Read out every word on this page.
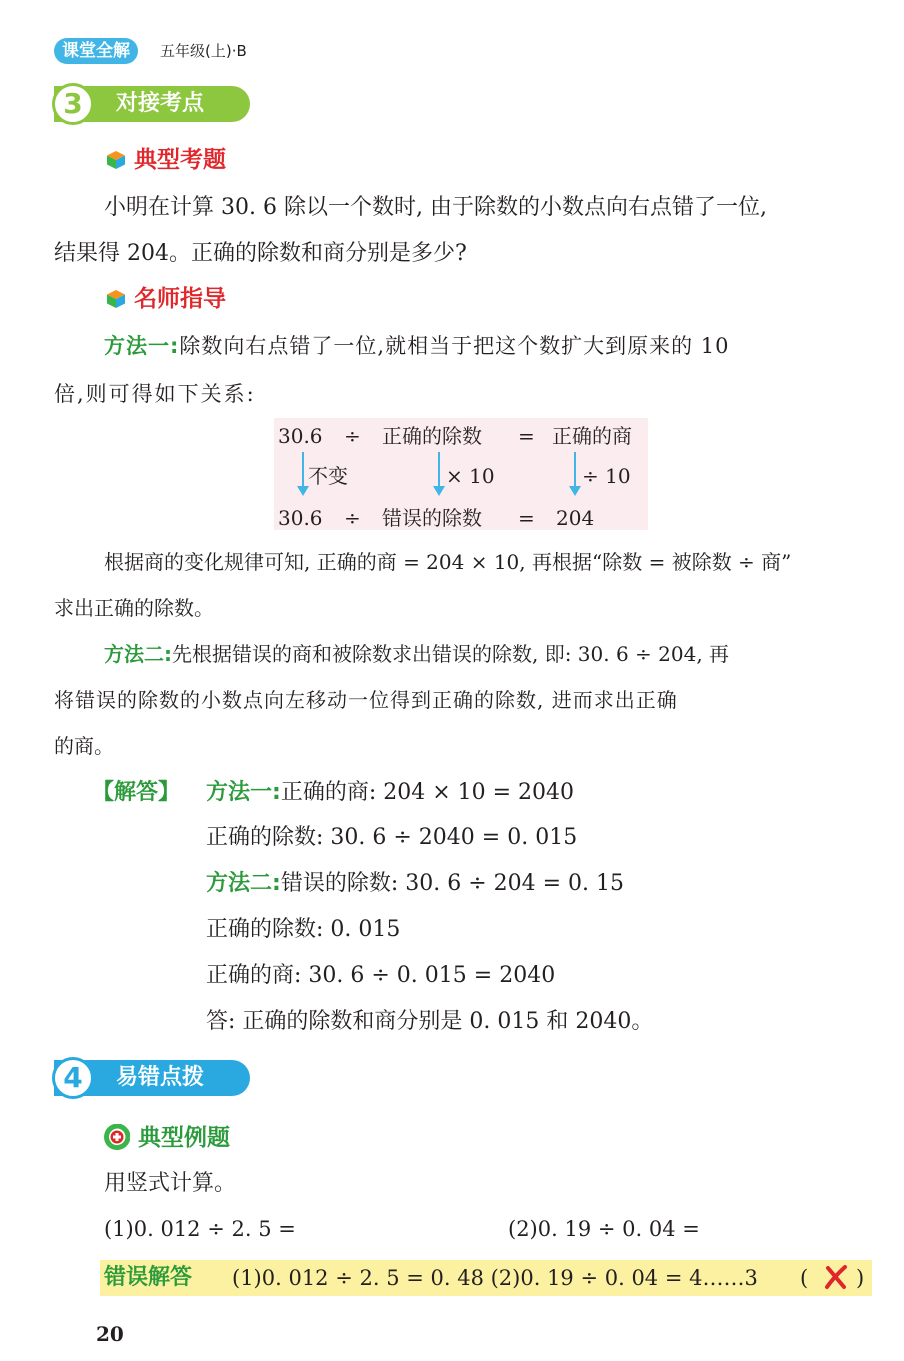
课堂全解	五年级(上)·B
对接考点
3
典型考题
小明在计算 30. 6 除以一个数时, 由于除数的小数点向右点错了一位,
结果得 204。正确的除数和商分别是多少?
名师指导
方法一:除数向右点错了一位,就相当于把这个数扩大到原来的 10
倍,则可得如下关系:
30.6 ÷ 正确的除数 = 正确的商
不变	× 10	÷ 10
30.6 ÷ 错误的除数 = 204
根据商的变化规律可知, 正确的商 = 204 × 10, 再根据“除数 = 被除数 ÷ 商”
求出正确的除数。
方法二:先根据错误的商和被除数求出错误的除数, 即: 30. 6 ÷ 204, 再
将错误的除数的小数点向左移动一位得到正确的除数, 进而求出正确
的商。
【解答】 方法一:正确的商: 204 × 10 = 2040
正确的除数: 30. 6 ÷ 2040 = 0. 015
方法二:错误的除数: 30. 6 ÷ 204 = 0. 15
正确的除数: 0. 015
正确的商: 30. 6 ÷ 0. 015 = 2040
答: 正确的除数和商分别是 0. 015 和 2040。
易错点拨
4
典型例题
用竖式计算。
(1)0. 012 ÷ 2. 5 =	(2)0. 19 ÷ 0. 04 =
错误解答 (1)0. 012 ÷ 2. 5 = 0. 48 (2)0. 19 ÷ 0. 04 = 4……3 ( )
20
